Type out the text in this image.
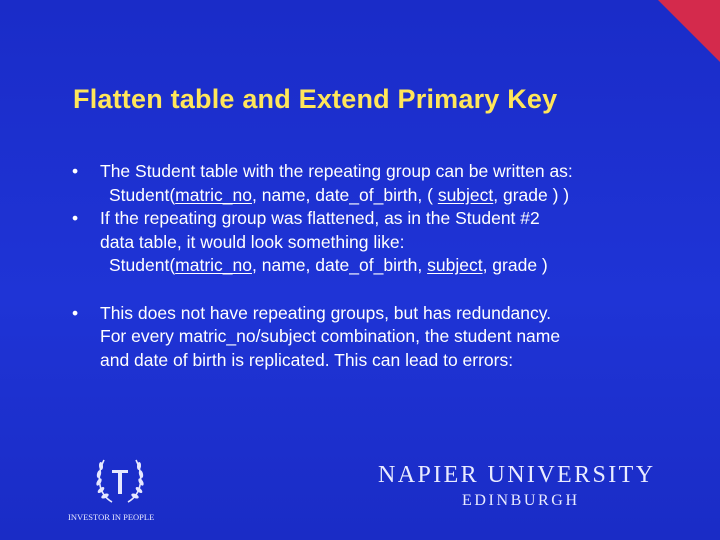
Flatten table and Extend Primary Key
• The Student table with the repeating group can be written as:
Student(matric_no, name, date_of_birth, ( subject, grade ) )
• If the repeating group was flattened, as in the Student #2
data table, it would look something like:
Student(matric_no, name, date_of_birth, subject, grade )
• This does not have repeating groups, but has redundancy.
For every matric_no/subject combination, the student name
and date of birth is replicated. This can lead to errors:
INVESTOR IN PEOPLE
NAPIER UNIVERSITY
EDINBURGH
